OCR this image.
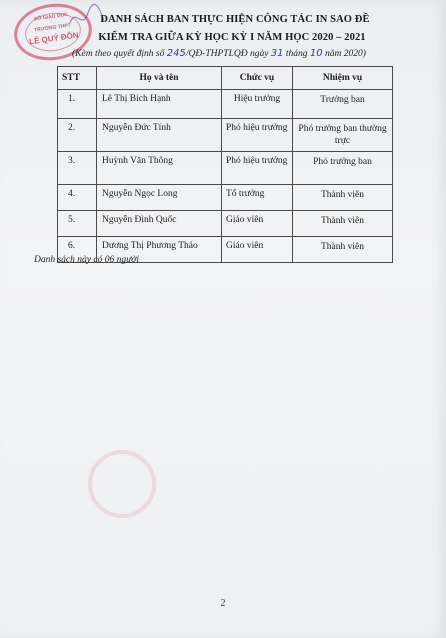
SỞ GIÁO DỤC
TRƯỜNG THPT
LÊ QUÝ ĐÔN
DANH SÁCH BAN THỰC HIỆN CÔNG TÁC IN SAO ĐỀ
KIỂM TRA GIỮA KỲ HỌC KỲ I NĂM HỌC 2020 – 2021
(Kèm theo quyết định số 245/QĐ-THPTLQĐ ngày 31 tháng 10 năm 2020)
STT	Họ và tên	Chức vụ	Nhiệm vụ
1.	Lê Thị Bích Hạnh	Hiệu trưởng	Trưởng ban
2.	Nguyễn Đức Tính	Phó hiệu trưởng	Phó trưởng ban thường trực
3.	Huỳnh Văn Thông	Phó hiệu trưởng	Phó trưởng ban
4.	Nguyễn Ngọc Long	Tổ trưởng	Thành viên
5.	Nguyễn Đình Quốc	Giáo viên	Thành viên
6.	Dương Thị Phương Thảo	Giáo viên	Thành viên
Danh sách này có 06 người
2
